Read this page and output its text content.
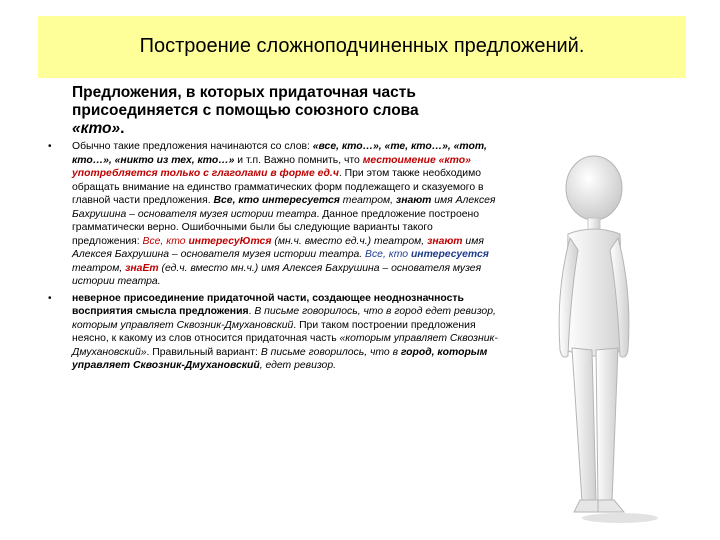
Построение сложноподчиненных предложений.

Предложения, в которых придаточная часть
присоединяется с помощью союзного слова
«кто».

• Обычно такие предложения начинаются со слов: «все, кто…», «те, кто…», «тот, кто…», «никто из тех, кто…» и т.п. Важно помнить, что местоимение «кто» употребляется только с глаголами в форме ед.ч. При этом также необходимо обращать внимание на единство грамматических форм подлежащего и сказуемого в главной части предложения. Все, кто интересуется театром, знают имя Алексея Бахрушина – основателя музея истории театра. Данное предложение построено грамматически верно. Ошибочными были бы следующие варианты такого предложения: Все, кто интересуЮтся (мн.ч. вместо ед.ч.) театром, знают имя Алексея Бахрушина – основателя музея истории театра. Все, кто интересуется театром, знаЕт (ед.ч. вместо мн.ч.) имя Алексея Бахрушина – основателя музея истории театра.
• неверное присоединение придаточной части, создающее неоднозначность восприятия смысла предложения. В письме говорилось, что в город едет ревизор, которым управляет Сквозник-Дмухановский. При таком построении предложения неясно, к какому из слов относится придаточная часть «которым управляет Сквозник-Дмухановский». Правильный вариант: В письме говорилось, что в город, которым управляет Сквозник-Дмухановский, едет ревизор.
